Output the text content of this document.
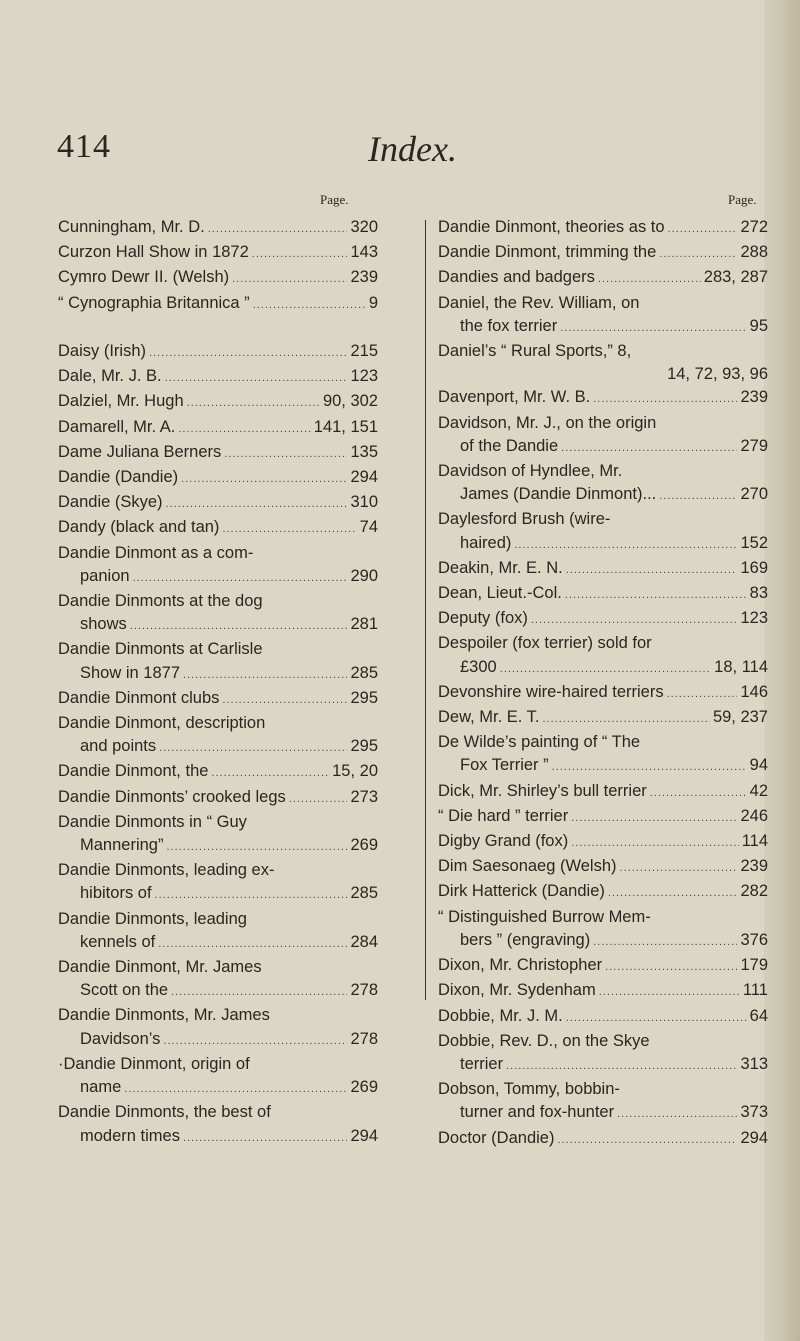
414	Index.
Page.	Page.
Cunningham, Mr. D. .....	320
Curzon Hall Show in 1872 .....	143
Cymro Dewr II. (Welsh) .....	239
“ Cynographia Britannica ” .....	9
Daisy (Irish) .....	215
Dale, Mr. J. B. .....	123
Dalziel, Mr. Hugh .....	90, 302
Damarell, Mr. A. .....	141, 151
Dame Juliana Berners .....	135
Dandie (Dandie) .....	294
Dandie (Skye) .....	310
Dandy (black and tan) .....	74
Dandie Dinmont as a com-
panion .....	290
Dandie Dinmonts at the dog
shows .....	281
Dandie Dinmonts at Carlisle
Show in 1877 .....	285
Dandie Dinmont clubs .....	295
Dandie Dinmont, description
and points .....	295
Dandie Dinmont, the .....	15, 20
Dandie Dinmonts’ crooked legs .....	273
Dandie Dinmonts in “ Guy
Mannering” .....	269
Dandie Dinmonts, leading ex-
hibitors of .....	285
Dandie Dinmonts, leading
kennels of .....	284
Dandie Dinmont, Mr. James
Scott on the .....	278
Dandie Dinmonts, Mr. James
Davidson’s .....	278
·Dandie Dinmont, origin of
name .....	269
Dandie Dinmonts, the best of
modern times .....	294
Dandie Dinmont, theories as to .....	272
Dandie Dinmont, trimming the .....	288
Dandies and badgers .....	283, 287
Daniel, the Rev. William, on
the fox terrier .....	95
Daniel’s “ Rural Sports,” 8,
14, 72, 93, 96
Davenport, Mr. W. B. .....	239
Davidson, Mr. J., on the origin
of the Dandie .....	279
Davidson of Hyndlee, Mr.
James (Dandie Dinmont)... .....	270
Daylesford Brush (wire-
haired) .....	152
Deakin, Mr. E. N. .....	169
Dean, Lieut.-Col. .....	83
Deputy (fox) .....	123
Despoiler (fox terrier) sold for
£300 .....	18, 114
Devonshire wire-haired terriers .....	146
Dew, Mr. E. T. .....	59, 237
De Wilde’s painting of “ The
Fox Terrier ” .....	94
Dick, Mr. Shirley’s bull terrier .....	42
“ Die hard ” terrier .....	246
Digby Grand (fox) .....	114
Dim Saesonaeg (Welsh) .....	239
Dirk Hatterick (Dandie) .....	282
“ Distinguished Burrow Mem-
bers ” (engraving) .....	376
Dixon, Mr. Christopher .....	179
Dixon, Mr. Sydenham .....	111
Dobbie, Mr. J. M. .....	64
Dobbie, Rev. D., on the Skye
terrier .....	313
Dobson, Tommy, bobbin-
turner and fox-hunter .....	373
Doctor (Dandie) .....	294
